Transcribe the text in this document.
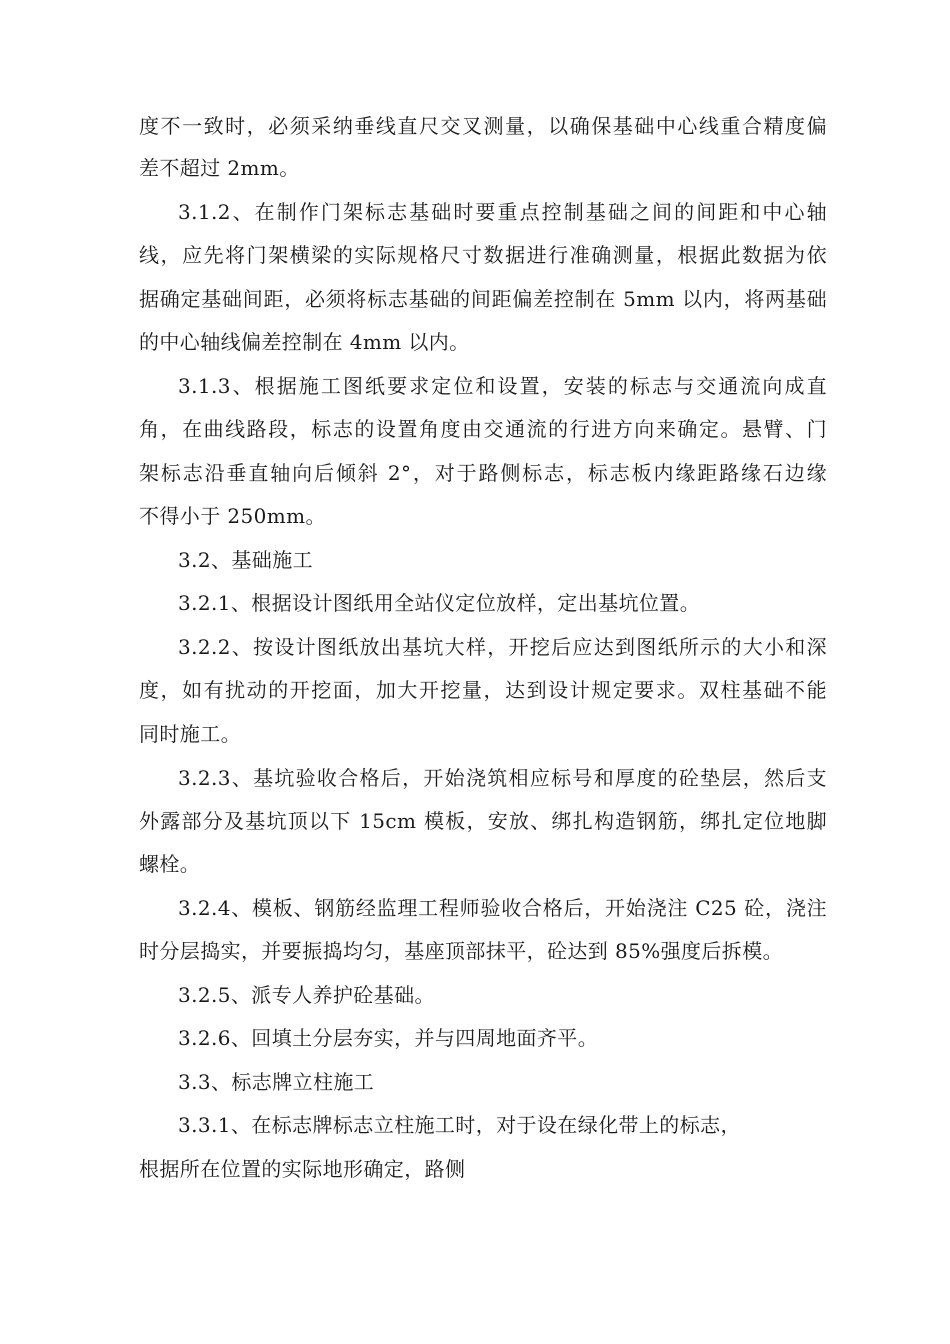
度不一致时，必须采纳垂线直尺交叉测量，以确保基础中心线重合精度偏
差不超过 2mm。
3.1.2、在制作门架标志基础时要重点控制基础之间的间距和中心轴
线，应先将门架横梁的实际规格尺寸数据进行准确测量，根据此数据为依
据确定基础间距，必须将标志基础的间距偏差控制在 5mm 以内，将两基础
的中心轴线偏差控制在 4mm 以内。
3.1.3、根据施工图纸要求定位和设置，安装的标志与交通流向成直
角，在曲线路段，标志的设置角度由交通流的行进方向来确定。悬臂、门
架标志沿垂直轴向后倾斜 2°，对于路侧标志，标志板内缘距路缘石边缘
不得小于 250mm。
3.2、基础施工
3.2.1、根据设计图纸用全站仪定位放样，定出基坑位置。
3.2.2、按设计图纸放出基坑大样，开挖后应达到图纸所示的大小和深
度，如有扰动的开挖面，加大开挖量，达到设计规定要求。双柱基础不能
同时施工。
3.2.3、基坑验收合格后，开始浇筑相应标号和厚度的砼垫层，然后支
外露部分及基坑顶以下 15cm 模板，安放、绑扎构造钢筋，绑扎定位地脚
螺栓。
3.2.4、模板、钢筋经监理工程师验收合格后，开始浇注 C25 砼，浇注
时分层捣实，并要振捣均匀，基座顶部抹平，砼达到 85%强度后拆模。
3.2.5、派专人养护砼基础。
3.2.6、回填土分层夯实，并与四周地面齐平。
3.3、标志牌立柱施工
3.3.1、在标志牌标志立柱施工时，对于设在绿化带上的标志，
根据所在位置的实际地形确定，路侧
